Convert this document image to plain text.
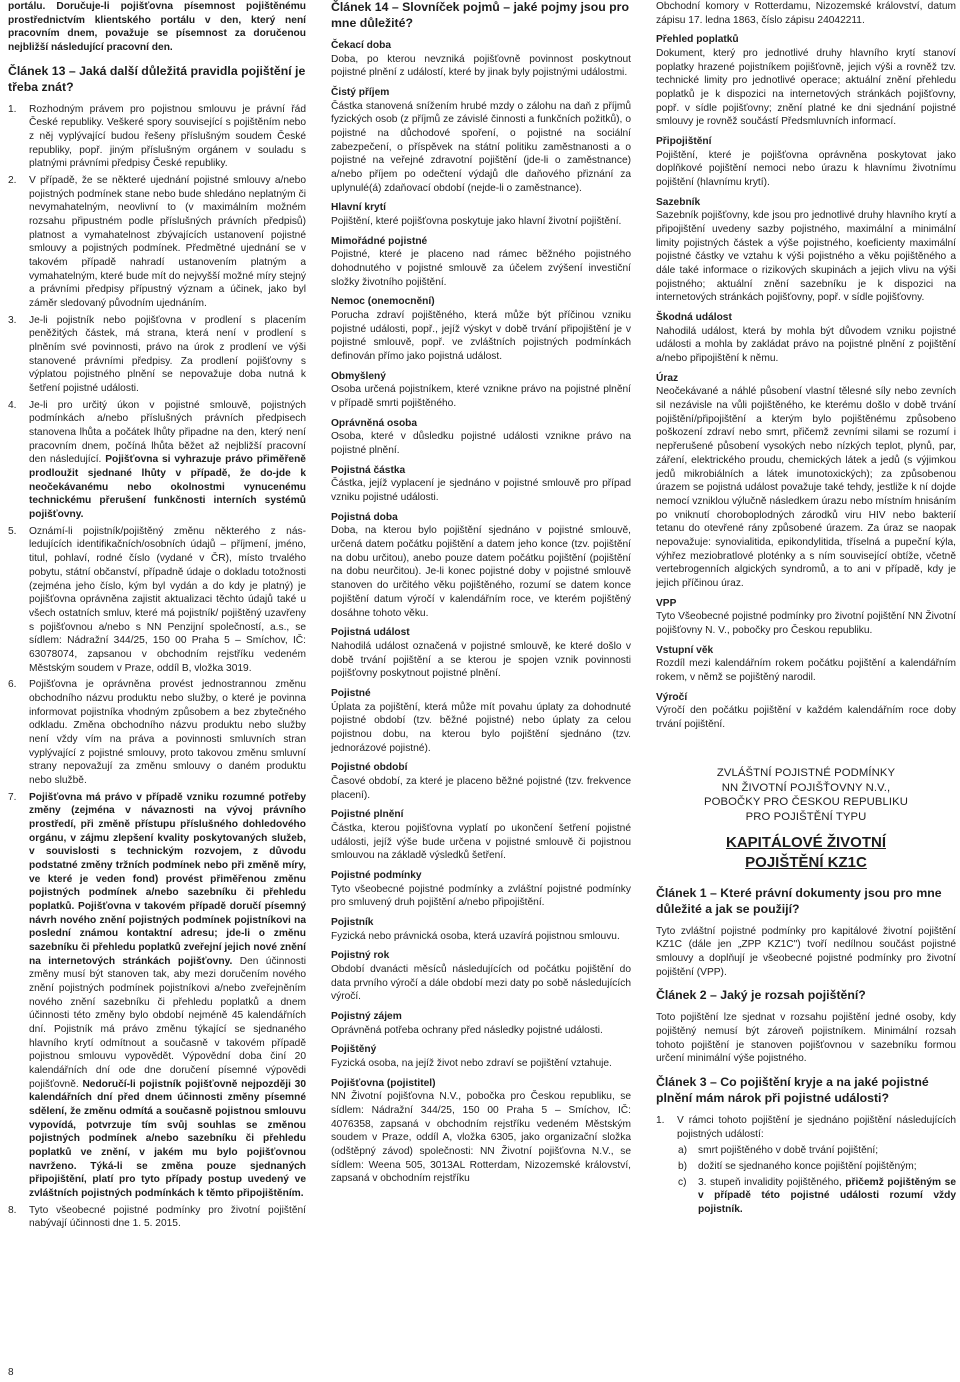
portálu. Doručuje-li pojišťovna písemnost pojištěnému prostřednictvím klientského portálu v den, který není pracovním dnem, považuje se písemnost za doručenou nejbližší následující pracovní den.

Článek 13 – Jaká další důležitá pravidla pojištění je třeba znát?
1.	Rozhodným právem pro pojistnou smlouvu je právní řád České republiky. Veškeré spory související s pojištěním nebo z něj vyplývající budou řešeny příslušným soudem České republiky, popř. jiným příslušným orgánem v souladu s platnými právními předpisy České republiky.
2.	V případě, že se některé ujednání pojistné smlouvy a/nebo pojistných podmínek stane nebo bude shledáno neplatným či nevymahatelným, neovlivní to (v maximálním možném rozsahu připustném podle příslušných právních předpisů) platnost a vymahatelnost zbývajících ustanovení pojistné smlouvy a pojistných podmínek. Předmětné ujednání se v takovém případě nahradí ustanovením platným a vymahatelným, které bude mít do nejvyšší možné míry stejný a právními předpisy přípustný význam a účinek, jako byl záměr sledovaný původním ujednáním.
3.	Je-li pojistník nebo pojišťovna v prodlení s placením peněžitých částek, má strana, která není v prodlení s plněním své povinnosti, právo na úrok z prodlení ve výši stanovené právními předpisy. Za prodlení pojišťovny s výplatou pojistného plnění se nepovažuje doba nutná k šetření pojistné události.
4.	Je-li pro určitý úkon v pojistné smlouvě, pojistných podmínkách a/nebo příslušných právních předpisech stanovena lhůta a počátek lhůty připadne na den, který není pracovním dnem, počíná lhůta běžet až nejbližší pracovní den následující. Pojišťovna si vyhrazuje právo přiměřeně prodloužit sjednané lhůty v případě, že do-jde k neočekávanému nebo okolnostmi vynucenému technickému přerušení funkčnosti interních systémů pojišťovny.
5.	Oznámí-li pojistník/pojištěný změnu některého z nás-ledujících identifikačních/osobních údajů – příjmení, jméno, titul, pohlaví, rodné číslo (vydané v ČR), místo trvalého pobytu, státní občanství, případně údaje o dokladu totožnosti (zejména jeho číslo, kým byl vydán a do kdy je platný) je pojišťovna oprávněna zajistit aktualizaci těchto údajů také u všech ostatních smluv, které má pojistník/ pojištěný uzavřeny s pojišťovnou a/nebo s NN Penzijní společností, a.s., se sídlem: Nádražní 344/25, 150 00 Praha 5 – Smíchov, IČ: 63078074, zapsanou v obchodním rejstříku vedeném Městským soudem v Praze, oddíl B, vložka 3019.
6.	Pojišťovna je oprávněna provést jednostrannou změnu obchodního názvu produktu nebo služby, o které je povinna informovat pojistníka vhodným způsobem a bez zbytečného odkladu. Změna obchodního názvu produktu nebo služby není vždy vím na práva a povinnosti smluvních stran vyplývající z pojistné smlouvy, proto takovou změnu smluvní strany nepovažují za změnu smlouvy o daném produktu nebo službě.
7.	Pojišťovna má právo v případě vzniku rozumné potřeby změny (zejména v návaznosti na vývoj právního prostředí, při změně přístupu příslušného dohledového orgánu, v zájmu zlepšení kvality poskytovaných služeb, v souvislosti s technickým rozvojem, z důvodu podstatné změny tržních podmínek nebo při změně míry, ve které je veden fond) provést přiměřenou změnu pojistných podmínek a/nebo sazebníku či přehledu poplatků. Pojišťovna v takovém případě doručí písemný návrh nového znění pojistných podmínek pojistníkovi na poslední známou kontaktní adresu; jde-li o změnu sazebníku či přehledu poplatků zveřejní jejich nové znění na internetových stránkách pojišťovny. Den účinnosti změny musí být stanoven tak, aby mezi doručením nového znění pojistných podmínek pojistníkovi a/nebo zveřejněním nového znění sazebníku či přehledu poplatků a dnem účinnosti této změny bylo období nejméně 45 kalendářních dní. Pojistník má právo změnu týkající se sjednaného hlavního krytí odmítnout a současně v takovém případě pojistnou smlouvu vypovědět. Výpovědní doba činí 20 kalendářních dní ode dne doručení písemné výpovědi pojišťovně. Nedoručí-li pojistník pojišťovně nejpozději 30 kalendářních dní před dnem účinnosti změny písemné sdělení, že změnu odmítá a současně pojistnou smlouvu vypovídá, potvrzuje tím svůj souhlas se změnou pojistných podmínek a/nebo sazebníku či přehledu poplatků ve znění, v jakém mu bylo pojišťovnou navrženo. Týká-li se změna pouze sjednaných připojištění, platí pro tyto případy postup uvedený ve zvláštních pojistných podmínkách k těmto připojištěním.
8.	Tyto všeobecné pojistné podmínky pro životní pojištění nabývají účinnosti dne 1. 5. 2015.
Článek 14 – Slovníček pojmů – jaké pojmy jsou pro mne důležité?
Čekací doba

Doba, po kterou nevzniká pojišťovně povinnost poskytnout pojistné plnění z událostí, které by jinak byly pojistnými událostmi.

Čistý příjem

Částka stanovená snížením hrubé mzdy o zálohu na daň z příjmů fyzických osob (z příjmů ze závislé činnosti a funkčních požitků), o pojistné na důchodové spoření, o pojistné na sociální zabezpečení, o příspěvek na státní politiku zaměstnanosti a o pojistné na veřejné zdravotní pojištění (jde-li o zaměstnance) a/nebo příjem po odečtení výdajů dle daňového přiznání za uplynulé(á) zdaňovací období (nejde-li o zaměstnance).

Hlavní krytí

Pojištění, které pojišťovna poskytuje jako hlavní životní pojištění.

Mimořádné pojistné

Pojistné, které je placeno nad rámec běžného pojistného dohodnutého v pojistné smlouvě za účelem zvýšení investiční složky životního pojištění.

Nemoc (onemocnění)

Porucha zdraví pojištěného, která může být příčinou vzniku pojistné události, popř., jejíž výskyt v době trvání připojištění je v pojistné smlouvě, popř. ve zvláštních pojistných podmínkách definován přímo jako pojistná událost.

Obmyšlený

Osoba určená pojistníkem, které vznikne právo na pojistné plnění v případě smrti pojištěného.

Oprávněná osoba

Osoba, které v důsledku pojistné události vznikne právo na pojistné plnění.

Pojistná částka

Částka, jejíž vyplacení je sjednáno v pojistné smlouvě pro případ vzniku pojistné události.

Pojistná doba

Doba, na kterou bylo pojištění sjednáno v pojistné smlouvě, určená datem počátku pojištění a datem jeho konce (tzv. pojištění na dobu určitou), anebo pouze datem počátku pojištění (pojištění na dobu neurčitou). Je-li konec pojistné doby v pojistné smlouvě stanoven do určitého věku pojištěného, rozumí se datem konce pojištění datum výročí v kalendářním roce, ve kterém pojištěný dosáhne tohoto věku.

Pojistná událost

Nahodilá událost označená v pojistné smlouvě, ke které došlo v době trvání pojištění a se kterou je spojen vznik povinnosti pojišťovny poskytnout pojistné plnění.

Pojistné

Úplata za pojištění, která může mít povahu úplaty za dohodnuté pojistné období (tzv. běžné pojistné) nebo úplaty za celou pojistnou dobu, na kterou bylo pojištění sjednáno (tzv. jednorázové pojistné).

Pojistné období

Časové období, za které je placeno běžné pojistné (tzv. frekvence placení).

Pojistné plnění

Částka, kterou pojišťovna vyplatí po ukončení šetření pojistné události, jejíž výše bude určena v pojistné smlouvě či pojistnou smlouvou na základě výsledků šetření.

Pojistné podmínky

Tyto všeobecné pojistné podmínky a zvláštní pojistné podmínky pro smluvený druh pojištění a/nebo připojištění.

Pojistník

Fyzická nebo právnická osoba, která uzavírá pojistnou smlouvu.

Pojistný rok

Období dvanácti měsíců následujících od počátku pojištění do data prvního výročí a dále období mezi daty po sobě následujících výročí.

Pojistný zájem

Oprávněná potřeba ochrany před následky pojistné události.

Pojištěný

Fyzická osoba, na jejíž život nebo zdraví se pojištění vztahuje.

Pojišťovna (pojistitel)

NN Životní pojišťovna N.V., pobočka pro Českou republiku, se sídlem: Nádražní 344/25, 150 00 Praha 5 – Smíchov, IČ: 4076358, zapsaná v obchodním rejstříku vedeném Městským soudem v Praze, oddíl A, vložka 6305, jako organizační složka (odštěpný závod) společnosti: NN Životní pojišťovna N.V., se sídlem: Weena 505, 3013AL Rotterdam, Nizozemské království, zapsaná v obchodním rejstříku

Obchodní komory v Rotterdamu, Nizozemské království, datum zápisu 17. ledna 1863, číslo zápisu 24042211.

Přehled poplatků

Dokument, který pro jednotlivé druhy hlavního krytí stanoví poplatky hrazené pojistníkem pojišťovně, jejich výši a rovněž tzv. technické limity pro jednotlivé operace; aktuální znění přehledu poplatků je k dispozici na internetových stránkách pojišťovny, popř. v sídle pojišťovny; znění platné ke dni sjednání pojistné smlouvy je rovněž součástí Předsmluvních informací.

Připojištění

Pojištění, které je pojišťovna oprávněna poskytovat jako doplňkové pojištění nemoci nebo úrazu k hlavnímu životnímu pojištění (hlavnímu krytí).

Sazebník

Sazebník pojišťovny, kde jsou pro jednotlivé druhy hlavního krytí a připojištění uvedeny sazby pojistného, maximální a minimální limity pojistných částek a výše pojistného, koeficienty maximální pojistné částky ve vztahu k výši pojistného a věku pojištěného a dále také informace o rizikových skupinách a jejich vlivu na výši pojistného; aktuální znění sazebníku je k dispozici na internetových stránkách pojišťovny, popř. v sídle pojišťovny.

Škodná událost

Nahodilá událost, která by mohla být důvodem vzniku pojistné události a mohla by zakládat právo na pojistné plnění z pojištění a/nebo připojištění k němu.

Úraz

Neočekávané a náhlé působení vlastní tělesné síly nebo zevních sil nezávisle na vůli pojištěného, ke kterému došlo v době trvání pojištění/připojištění a kterým bylo pojištěnému způsobeno poškození zdraví nebo smrt, přičemž zevními silami se rozumí i nepřerušené působení vysokých nebo nízkých teplot, plynů, par, záření, elektrického proudu, chemických látek a jedů (s výjimkou jedů mikrobiálních a látek imunotoxických); za způsobenou úrazem se pojistná událost považuje také tehdy, jestliže k ní dojde nemocí vzniklou výlučně následkem úrazu nebo místním hnisáním po vniknutí choroboplodných zárodků viru HIV nebo bakterií tetanu do otevřené rány způsobené úrazem. Za úraz se naopak nepovažuje: synovialitida, epikondylitida, tříselná a pupeční kýla, výhřez meziobratlové ploténky a s ním související obtíže, včetně vertebrogenních algických syndromů, a to ani v případě, kdy je jejich příčinou úraz.

VPP

Tyto Všeobecné pojistné podmínky pro životní pojištění NN Životní pojišťovny N. V., pobočky pro Českou republiku.

Vstupní věk

Rozdíl mezi kalendářním rokem počátku pojištění a kalendářním rokem, v němž se pojištěný narodil.

Výročí

Výročí den počátku pojištění v každém kalendářním roce doby trvání pojištění.

ZVLÁŠTNÍ POJISTNÉ PODMÍNKY
NN ŽIVOTNÍ POJIŠŤOVNY N.V.,
POBOČKY PRO ČESKOU REPUBLIKU
PRO POJIŠTĚNÍ TYPU
KAPITÁLOVÉ ŽIVOTNÍ
POJIŠTĚNÍ KZ1C
Článek 1 – Které právní dokumenty jsou pro mne důležité a jak se použijí?

Tyto zvláštní pojistné podmínky pro kapitálové životní pojištění KZ1C (dále jen „ZPP KZ1C") tvoří nedílnou součást pojistné smlouvy a doplňují je všeobecné pojistné podmínky pro životní pojištění (VPP).

Článek 2 – Jaký je rozsah pojištění?

Toto pojištění lze sjednat v rozsahu pojištění jedné osoby, kdy pojištěný nemusí být zároveň pojistníkem. Minimální rozsah tohoto pojištění je stanoven pojišťovnou v sazebníku formou určení minimální výše pojistného.

Článek 3 – Co pojištění kryje a na jaké pojistné plnění mám nárok při pojistné události?
1.	V rámci tohoto pojištění je sjednáno pojištění následujících pojistných událostí:
a)	smrt pojištěného v době trvání pojištění;
b)	dožití se sjednaného konce pojištění pojištěným;
c)	3. stupeň invalidity pojištěného, přičemž pojištěným se v případě této pojistné události rozumí vždy pojistník.
8
